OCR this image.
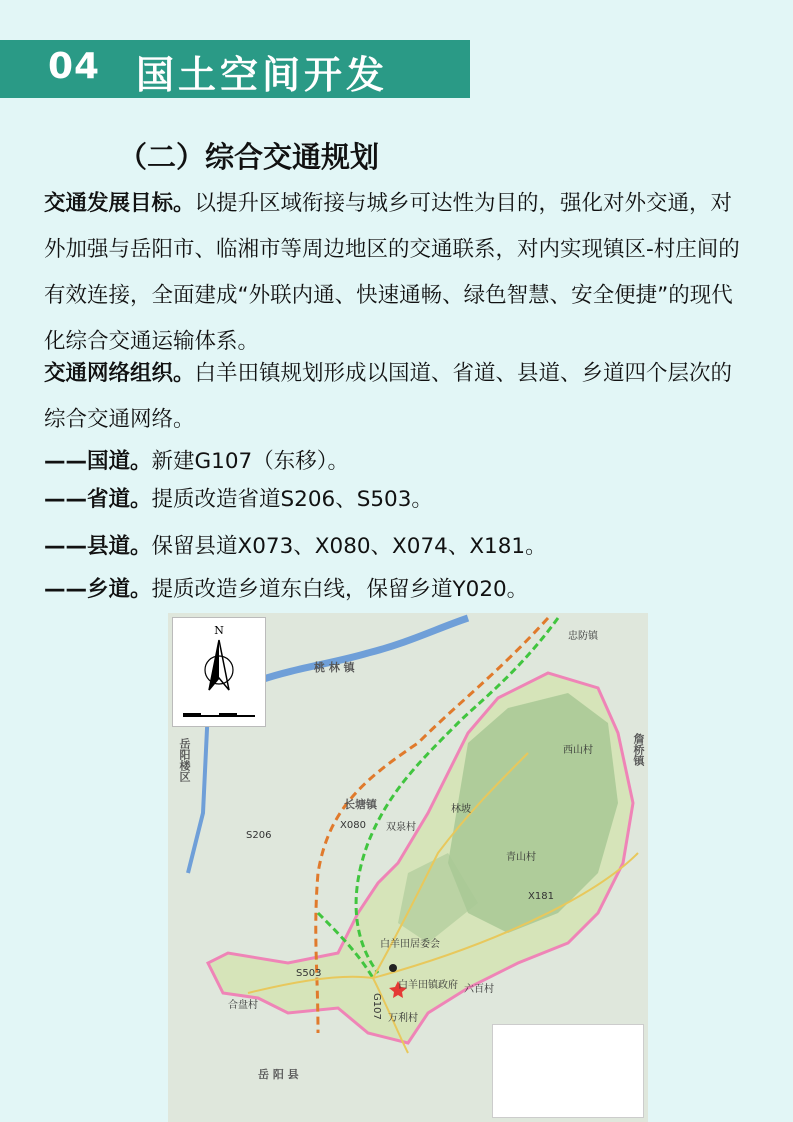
04 国土空间开发
（二）综合交通规划

交通发展目标。以提升区域衔接与城乡可达性为目的，强化对外交通，对外加强与岳阳市、临湘市等周边地区的交通联系，对内实现镇区-村庄间的有效连接，全面建成“外联内通、快速通畅、绿色智慧、安全便捷”的现代化综合交通运输体系。

交通网络组织。白羊田镇规划形成以国道、省道、县道、乡道四个层次的综合交通网络。

——国道。新建G107（东移）。

——省道。提质改造省道S206、S503。

——县道。保留县道X073、X080、X074、X181。

——乡道。提质改造乡道东白线，保留乡道Y020。

N
桃 林 镇
忠防镇
长塘镇
岳阳楼区
岳 阳 县
詹桥镇
西山村
林坡
双泉村
青山村
白羊田居委会
白羊田镇政府 六百村
万利村
合盘村
S206
X080
X181
S503
G107
